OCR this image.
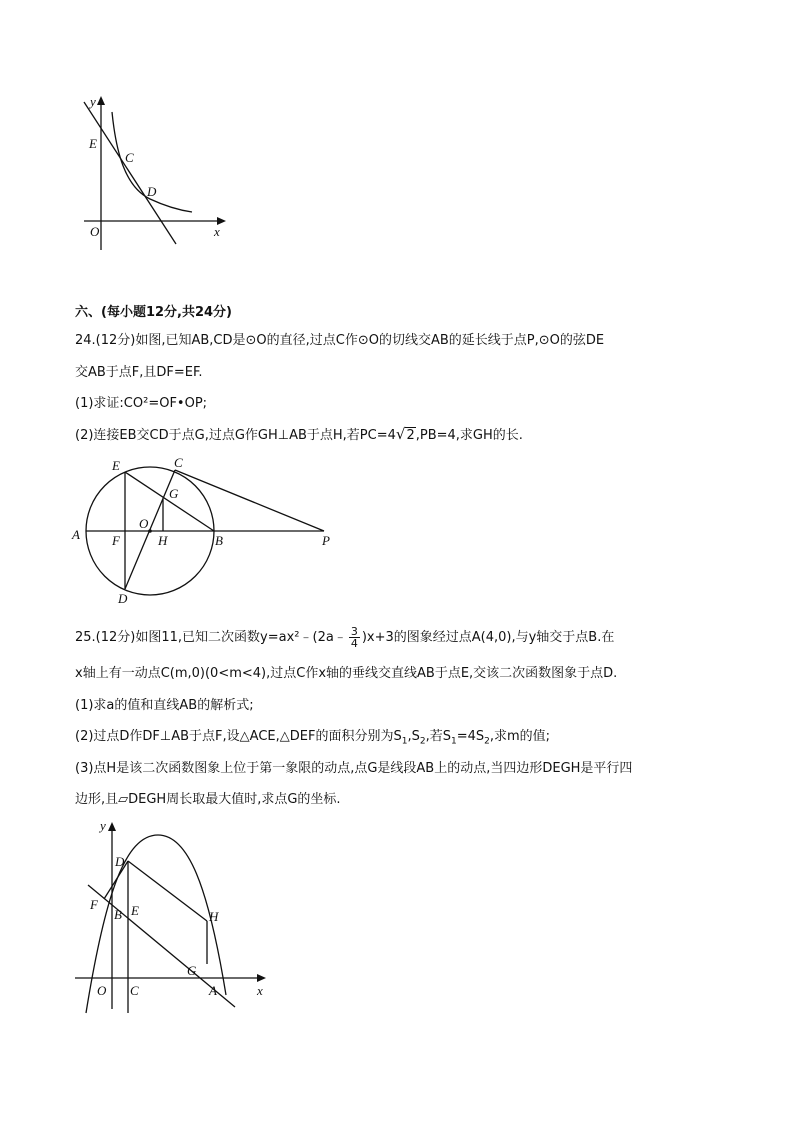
y
E
C
D
O	x
六、(每小题12分,共24分)
24.(12分)如图,已知AB,CD是⊙O的直径,过点C作⊙O的切线交AB的延长线于点P,⊙O的弦DE
交AB于点F,且DF=EF.
(1)求证:CO²=OF•OP;
(2)连接EB交CD于点G,过点G作GH⊥AB于点H,若PC=4√2,PB=4,求GH的长.
E	C
G
O
A F	H	B	P
D
25.(12分)如图11,已知二次函数y=ax²﹣(2a﹣ $\frac{3}{4} )x+3$的图象经过点A(4,0),与y轴交于点B.在
x轴上有一动点C(m,0)(0<m<4),过点C作x轴的垂线交直线AB于点E,交该二次函数图象于点D.
(1)求a的值和直线AB的解析式;
(2)过点D作DF⊥AB于点F,设△ACE,△DEF的面积分别为$S_1,S_2$,若$S_1=4S_2$,求m的值;
(3)点H是该二次函数图象上位于第一象限的动点,点G是线段AB上的动点,当四边形DEGH是平行四
边形,且▱DEGH周长取最大值时,求点G的坐标.
y
D
F
B E	H
G
O C	A	x
